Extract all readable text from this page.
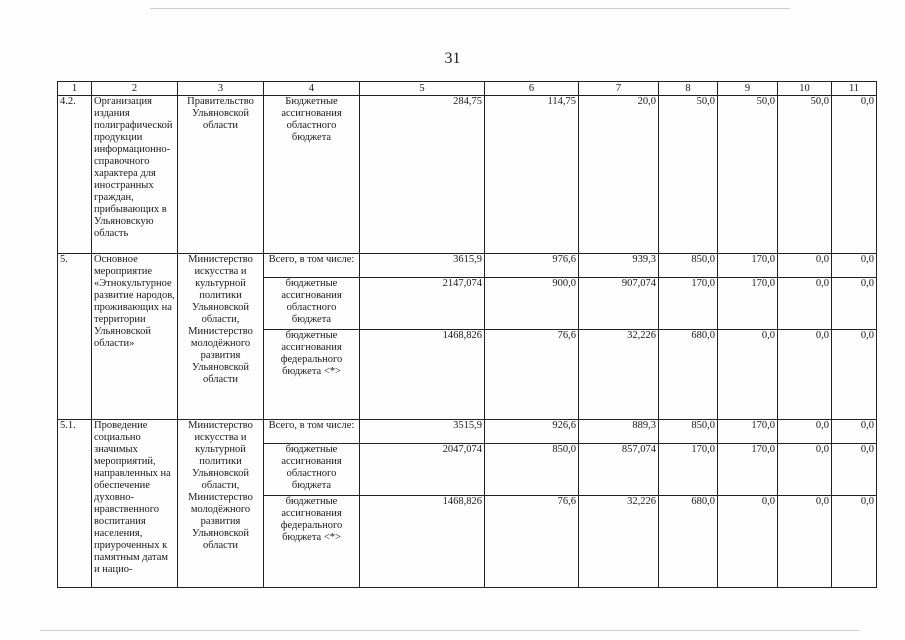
31
1	2	3	4	5	6	7	8	9	10	11
4.2.	Организация издания полиграфической продукции информационно-справочного характера для иностранных граждан, прибывающих в Ульяновскую область	Правительство Ульяновской области	Бюджетные ассигнования областного бюджета	284,75	114,75	20,0	50,0	50,0	50,0	0,0
5.	Основное мероприятие «Этнокультурное развитие народов, проживающих на территории Ульяновской области»	Министерство искусства и культурной политики Ульяновской области, Министерство молодёжного развития Ульяновской области	Всего, в том числе:	3615,9	976,6	939,3	850,0	170,0	0,0	0,0
			бюджетные ассигнования областного бюджета	2147,074	900,0	907,074	170,0	170,0	0,0	0,0
			бюджетные ассигнования федерального бюджета <*>	1468,826	76,6	32,226	680,0	0,0	0,0	0,0
5.1.	Проведение социально значимых мероприятий, направленных на обеспечение духовно-нравственного воспитания населения, приуроченных к памятным датам и нацио-	Министерство искусства и культурной политики Ульяновской области, Министерство молодёжного развития Ульяновской области	Всего, в том числе:	3515,9	926,6	889,3	850,0	170,0	0,0	0,0
			бюджетные ассигнования областного бюджета	2047,074	850,0	857,074	170,0	170,0	0,0	0,0
			бюджетные ассигнования федерального бюджета <*>	1468,826	76,6	32,226	680,0	0,0	0,0	0,0
